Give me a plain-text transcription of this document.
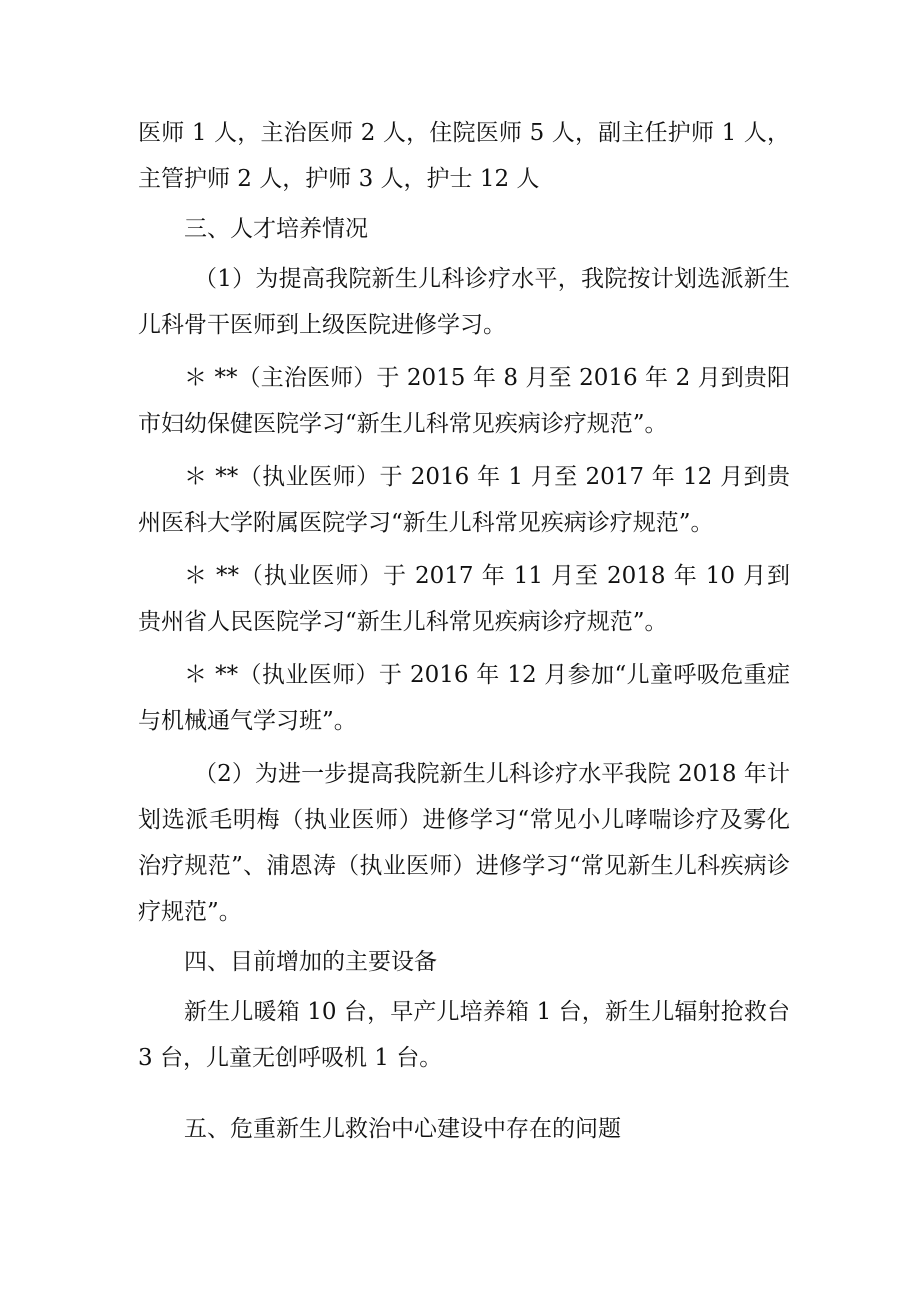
医师 1 人，主治医师 2 人，住院医师 5 人，副主任护师 1 人，主管护师 2 人，护师 3 人，护士 12 人

三、人才培养情况

（1）为提高我院新生儿科诊疗水平，我院按计划选派新生儿科骨干医师到上级医院进修学习。

＊ **（主治医师）于 2015 年 8 月至 2016 年 2 月到贵阳市妇幼保健医院学习“新生儿科常见疾病诊疗规范”。

＊ **（执业医师）于 2016 年 1 月至 2017 年 12 月到贵州医科大学附属医院学习“新生儿科常见疾病诊疗规范”。

＊ **（执业医师）于 2017 年 11 月至 2018 年 10 月到贵州省人民医院学习“新生儿科常见疾病诊疗规范”。

＊ **（执业医师）于 2016 年 12 月参加“儿童呼吸危重症与机械通气学习班”。

（2）为进一步提高我院新生儿科诊疗水平我院 2018 年计划选派毛明梅（执业医师）进修学习“常见小儿哮喘诊疗及雾化治疗规范”、浦恩涛（执业医师）进修学习“常见新生儿科疾病诊疗规范”。

四、目前增加的主要设备

新生儿暖箱 10 台，早产儿培养箱 1 台，新生儿辐射抢救台 3 台，儿童无创呼吸机 1 台。

五、危重新生儿救治中心建设中存在的问题
